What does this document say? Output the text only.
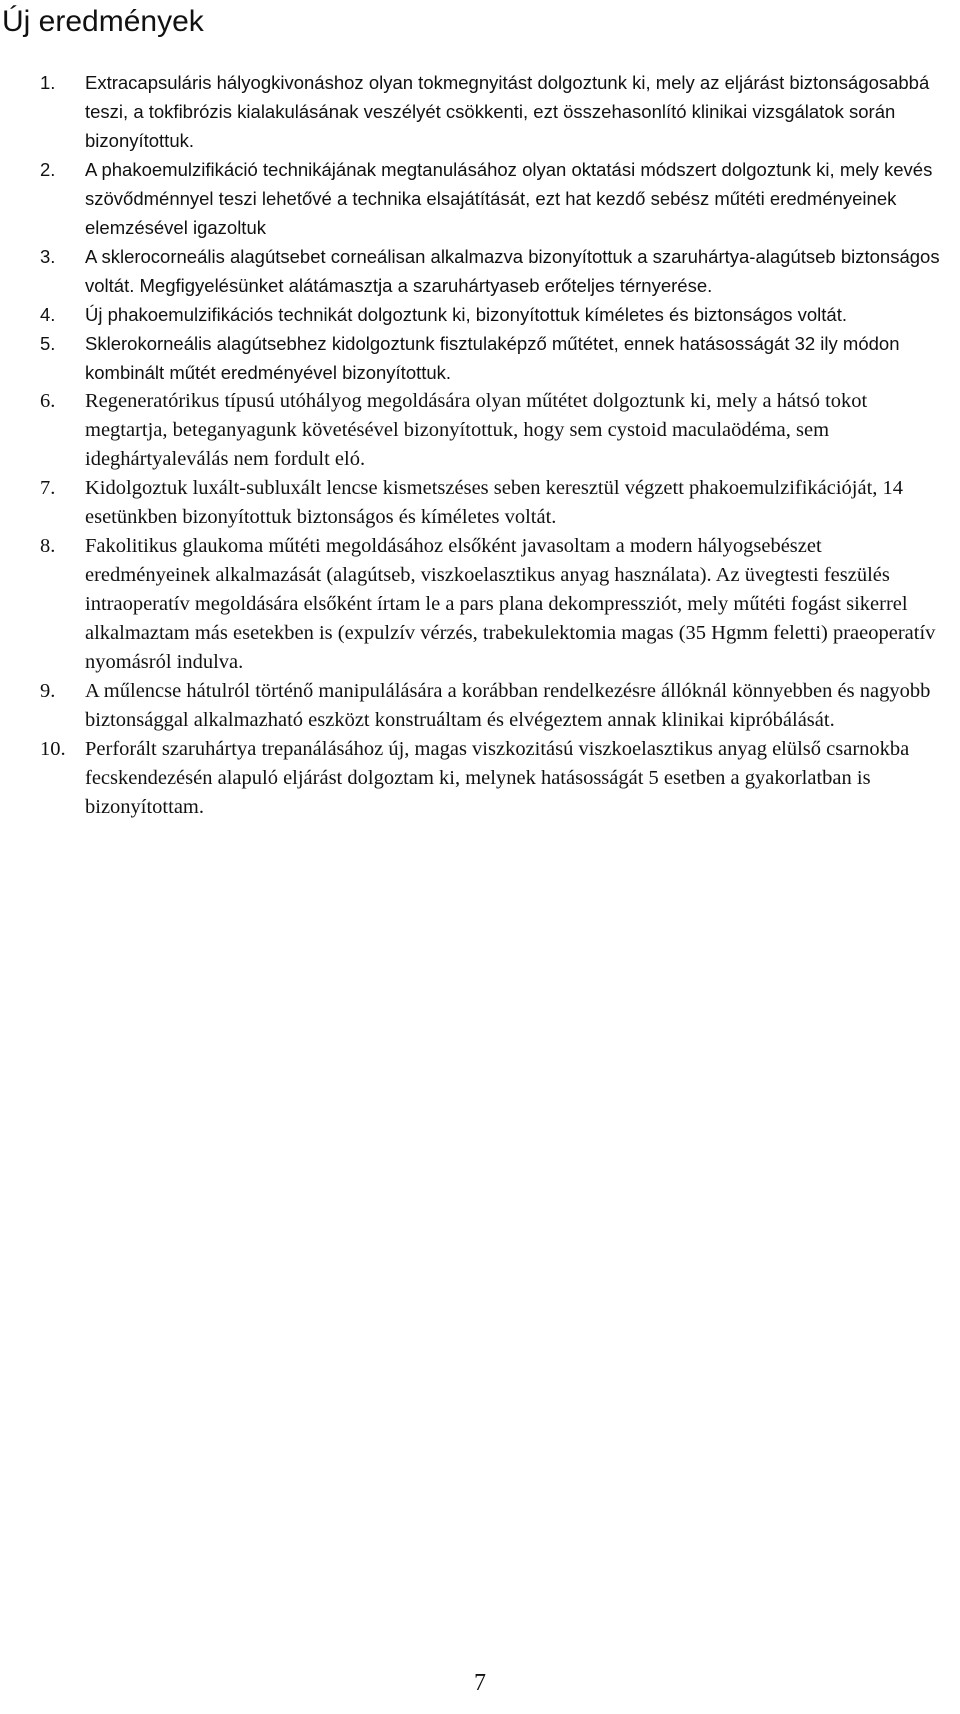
Új eredmények
1. Extracapsuláris hályogkivonáshoz olyan tokmegnyitást dolgoztunk ki, mely az eljárást biztonságosabbá teszi, a tokfibrózis kialakulásának veszélyét csökkenti, ezt összehasonlító klinikai vizsgálatok során bizonyítottuk.
2. A phakoemulzifikáció technikájának megtanulásához olyan oktatási módszert dolgoztunk ki, mely kevés szövődménnyel teszi lehetővé a technika elsajátítását, ezt hat kezdő sebész műtéti eredményeinek elemzésével igazoltuk
3. A sklerocorneális alagútsebet corneálisan alkalmazva bizonyítottuk a szaruhártya-alagútseb biztonságos voltát. Megfigyelésünket alátámasztja a szaruhártyaseb erőteljes térnyerése.
4. Új phakoemulzifikációs technikát dolgoztunk ki, bizonyítottuk kíméletes és biztonságos voltát.
5. Sklerokorneális alagútsebhez kidolgoztunk fisztulaképző műtétet, ennek hatásosságát 32 ily módon kombinált műtét eredményével bizonyítottuk.
6. Regeneratórikus típusú utóhályog megoldására olyan műtétet dolgoztunk ki, mely a hátsó tokot megtartja, beteganyagunk követésével bizonyítottuk, hogy sem cystoid maculaödéma, sem ideghártyaleválás nem fordult eló.
7. Kidolgoztuk luxált-subluxált lencse kismetszéses seben keresztül végzett phakoemulzifikációját, 14 esetünkben bizonyítottuk biztonságos és kíméletes voltát.
8. Fakolitikus glaukoma műtéti megoldásához elsőként javasoltam a modern hályogsebészet eredményeinek alkalmazását (alagútseb, viszkoelasztikus anyag használata). Az üvegtesti feszülés intraoperatív megoldására elsőként írtam le a pars plana dekompressziót, mely műtéti fogást sikerrel alkalmaztam más esetekben is (expulzív vérzés, trabekulektomia magas (35 Hgmm feletti) praeoperatív nyomásról indulva.
9. A műlencse hátulról történő manipulálására a korábban rendelkezésre állóknál könnyebben és nagyobb biztonsággal alkalmazható eszközt konstruáltam és elvégeztem annak klinikai kipróbálását.
10. Perforált szaruhártya trepanálásához új, magas viszkozitású viszkoelasztikus anyag elülső csarnokba fecskendezésén alapuló eljárást dolgoztam ki, melynek hatásosságát 5 esetben a gyakorlatban is bizonyítottam.
7
